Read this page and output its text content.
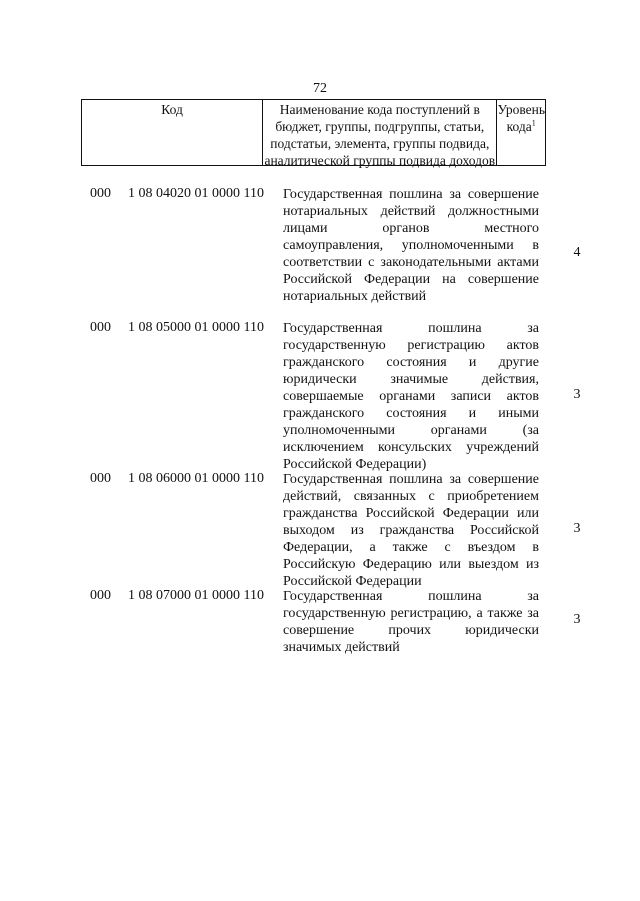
72
Код	Наименование кода поступлений в бюджет, группы, подгруппы, статьи, подстатьи, элемента, группы подвида, аналитической группы подвида доходов
Уровень кода$^1$
000 1 08 04020 01 0000 110 Государственная пошлина за совершение нотариальных действий должностными лицами органов местного самоуправления, уполномоченными в соответствии с законодательными актами Российской Федерации на совершение нотариальных действий
4
000 1 08 05000 01 0000 110 Государственная пошлина за государственную регистрацию актов гражданского состояния и другие юридически значимые действия, совершаемые органами записи актов гражданского состояния и иными уполномоченными органами (за исключением консульских учреждений Российской Федерации)
3
000 1 08 06000 01 0000 110 Государственная пошлина за совершение действий, связанных с приобретением гражданства Российской Федерации или выходом из гражданства Российской Федерации, а также с въездом в Российскую Федерацию или выездом из Российской Федерации
3
000 1 08 07000 01 0000 110 Государственная пошлина за государственную регистрацию, а также за совершение прочих юридически значимых действий
3
